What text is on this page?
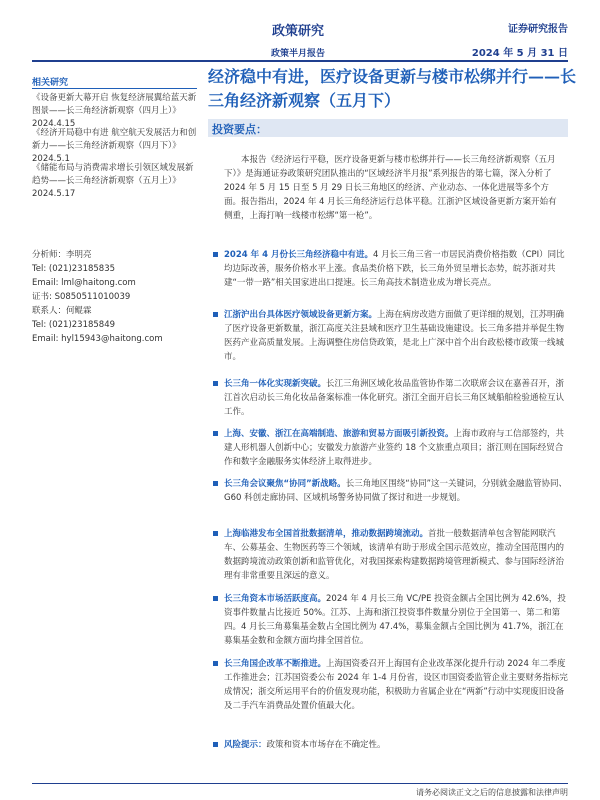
政策研究
政策半月报告
证券研究报告
2024 年 5 月 31 日
经济稳中有进，医疗设备更新与楼市松绑并行——长三角经济新观察（五月下）
投资要点：
相关研究
《设备更新大幕开启 恢复经济展翼给蓝天新图景——长三角经济新观察（四月上）》
2024.4.15
《经济开局稳中有进 航空航天发展活力和创新力——长三角经济新观察（四月下）》
2024.5.1
《储能布局与消费需求增长引领区域发展新趋势——长三角经济新观察（五月上）》
2024.5.17
分析师：李明亮
Tel: (021)23185835
Email: lml@haitong.com
证书: S0850511010039
联系人：何鲲霖
Tel: (021)23185849
Email: hyl15943@haitong.com
本报告《经济运行平稳，医疗设备更新与楼市松绑并行——长三角经济新观察（五月下）》是海通证券政策研究团队推出的“区域经济半月报”系列报告的第七篇，深入分析了 2024 年 5 月 15 日至 5 月 29 日长三角地区的经济、产业动态、一体化进展等多个方面。报告指出，2024 年 4 月长三角经济运行总体平稳。江浙沪区域设备更新方案开始有侧重，上海打响一线楼市松绑“第一枪”。
2024 年 4 月份长三角经济稳中有进。4 月长三角三省一市居民消费价格指数（CPI）同比均边际改善，服务价格水平上涨。食品类价格下跌，长三角外贸呈增长态势，皖苏浙对共建“一带一路”相关国家进出口提速。长三角高技术制造业成为增长亮点。
江浙沪出台具体医疗领域设备更新方案。上海在病房改造方面做了更详细的规划，江苏明确了医疗设备更新数量，浙江高度关注县域和医疗卫生基础设施建设。长三角多措并举促生物医药产业高质量发展。上海调整住房信贷政策，是北上广深中首个出台政松楼市政策一线城市。
长三角一体化实现新突破。长江三角洲区域化妆品监管协作第二次联席会议在嘉善召开，浙江首次启动长三角化妆品备案标准一体化研究。浙江全面开启长三角区域船舶检验通检互认工作。
上海、安徽、浙江在高端制造、旅游和贸易方面吸引新投资。上海市政府与工信部签约，共建人形机器人创新中心；安徽发力旅游产业签约 18 个文旅重点项目；浙江则在国际经贸合作和数字金融服务实体经济上取得进步。
长三角会议聚焦“协同”新战略。长三角地区围绕“协同”这一关键词，分别就金融监管协同、G60 科创走廊协同、区域机场警务协同做了探讨和进一步规划。
上海临港发布全国首批数据清单，推动数据跨境流动。首批一般数据清单包含智能网联汽车、公募基金、生物医药等三个领域，该清单有助于形成全国示范效应，推动全国范围内的数据跨境流动政策创新和监管优化，对我国探索构建数据跨境管理新模式、参与国际经济治理有非常重要且深远的意义。
长三角资本市场活跃度高。2024 年 4 月长三角 VC/PE 投资金额占全国比例为 42.6%，投资事件数量占比接近 50%。江苏、上海和浙江投资事件数量分别位于全国第一、第二和第四。4 月长三角募集基金数占全国比例为 47.4%，募集金额占全国比例为 41.7%，浙江在募集基金数和金额方面均排全国首位。
长三角国企改革不断推进。上海国资委召开上海国有企业改革深化提升行动 2024 年二季度工作推进会；江苏国资委公布 2024 年 1-4 月份省，设区市国资委监管企业主要财务指标完成情况；浙交所运用平台的价值发现功能，积极助力省属企业在“两新”行动中实现废旧设备及二手汽车消费品处置价值最大化。
风险提示：政策和资本市场存在不确定性。
请务必阅读正文之后的信息披露和法律声明
